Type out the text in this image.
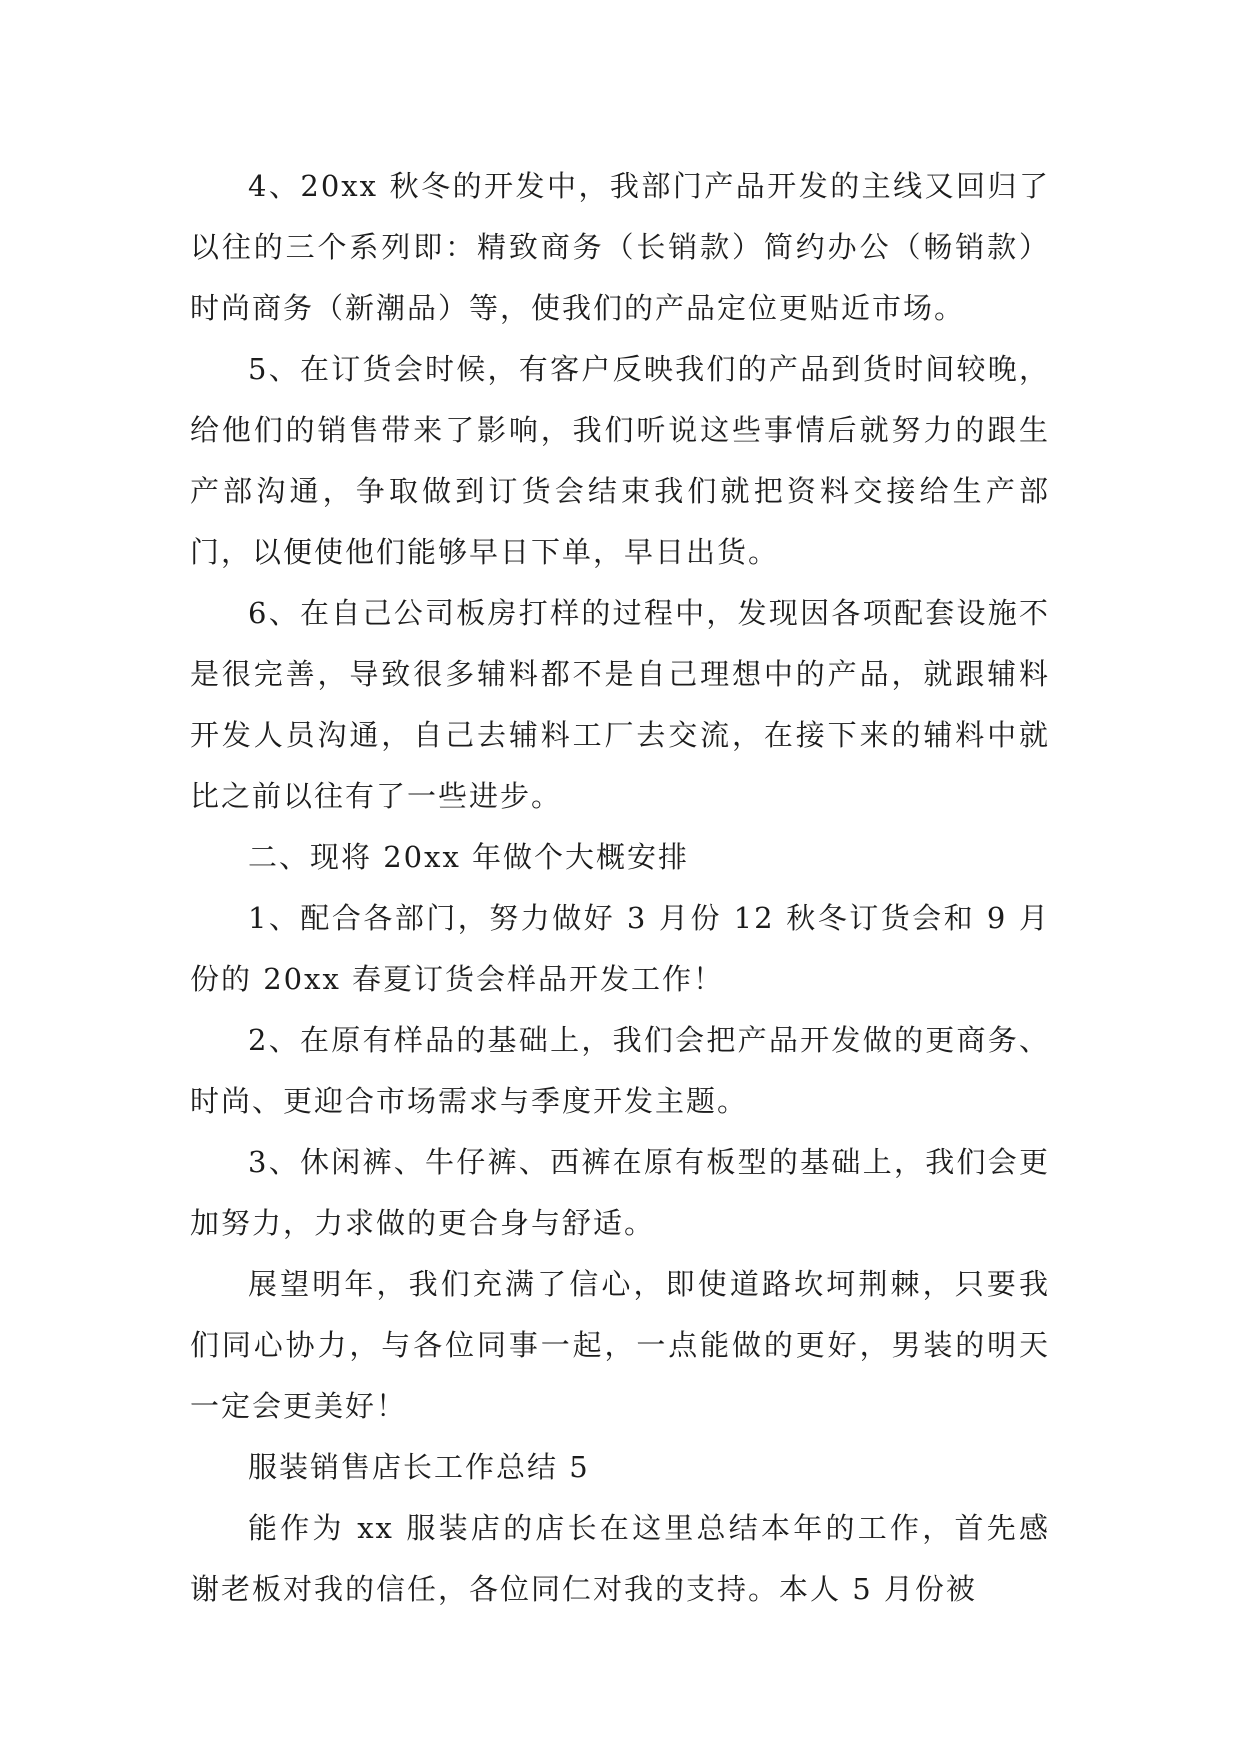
4、20xx 秋冬的开发中，我部门产品开发的主线又回归了以往的三个系列即：精致商务（长销款）简约办公（畅销款）时尚商务（新潮品）等，使我们的产品定位更贴近市场。

5、在订货会时候，有客户反映我们的产品到货时间较晚，给他们的销售带来了影响，我们听说这些事情后就努力的跟生产部沟通，争取做到订货会结束我们就把资料交接给生产部门，以便使他们能够早日下单，早日出货。

6、在自己公司板房打样的过程中，发现因各项配套设施不是很完善，导致很多辅料都不是自己理想中的产品，就跟辅料开发人员沟通，自己去辅料工厂去交流，在接下来的辅料中就比之前以往有了一些进步。

二、现将 20xx 年做个大概安排

1、配合各部门，努力做好 3 月份 12 秋冬订货会和 9 月份的 20xx 春夏订货会样品开发工作！

2、在原有样品的基础上，我们会把产品开发做的更商务、时尚、更迎合市场需求与季度开发主题。

3、休闲裤、牛仔裤、西裤在原有板型的基础上，我们会更加努力，力求做的更合身与舒适。

展望明年，我们充满了信心，即使道路坎坷荆棘，只要我们同心协力，与各位同事一起，一点能做的更好，男装的明天一定会更美好！

服装销售店长工作总结 5

能作为 xx 服装店的店长在这里总结本年的工作，首先感谢老板对我的信任，各位同仁对我的支持。本人 5 月份被
